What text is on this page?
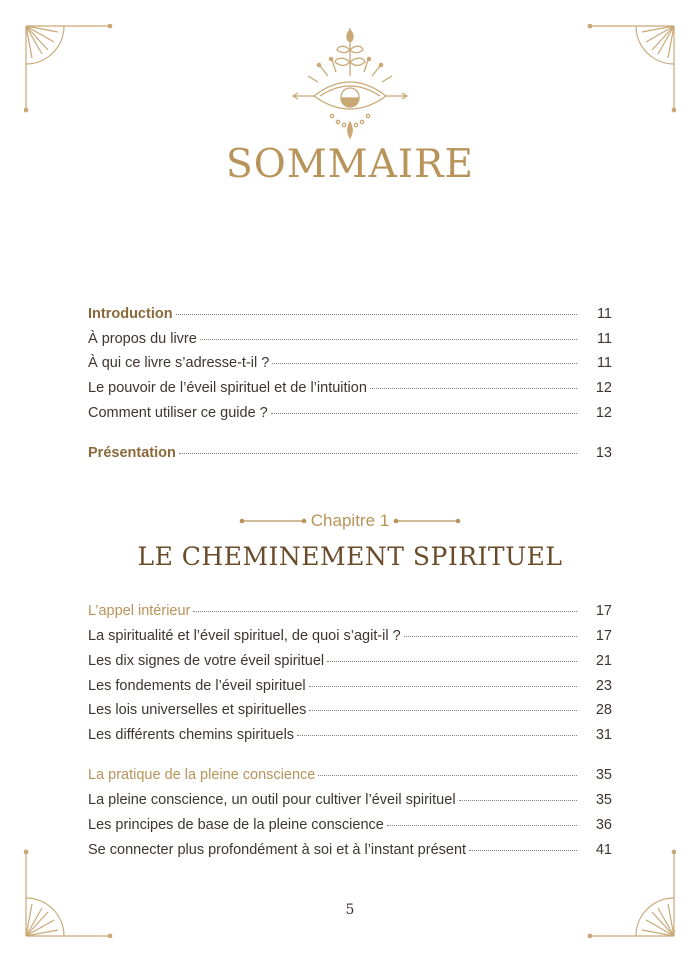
SOMMAIRE
Introduction	11
À propos du livre	11
À qui ce livre s’adresse-t-il ?	11
Le pouvoir de l’éveil spirituel et de l’intuition	12
Comment utiliser ce guide ?	12
Présentation	13
Chapitre 1
LE CHEMINEMENT SPIRITUEL
L’appel intérieur	17
La spiritualité et l’éveil spirituel, de quoi s’agit-il ?	17
Les dix signes de votre éveil spirituel	21
Les fondements de l’éveil spirituel	23
Les lois universelles et spirituelles	28
Les différents chemins spirituels	31
La pratique de la pleine conscience	35
La pleine conscience, un outil pour cultiver l’éveil spirituel	35
Les principes de base de la pleine conscience	36
Se connecter plus profondément à soi et à l’instant présent	41
5
